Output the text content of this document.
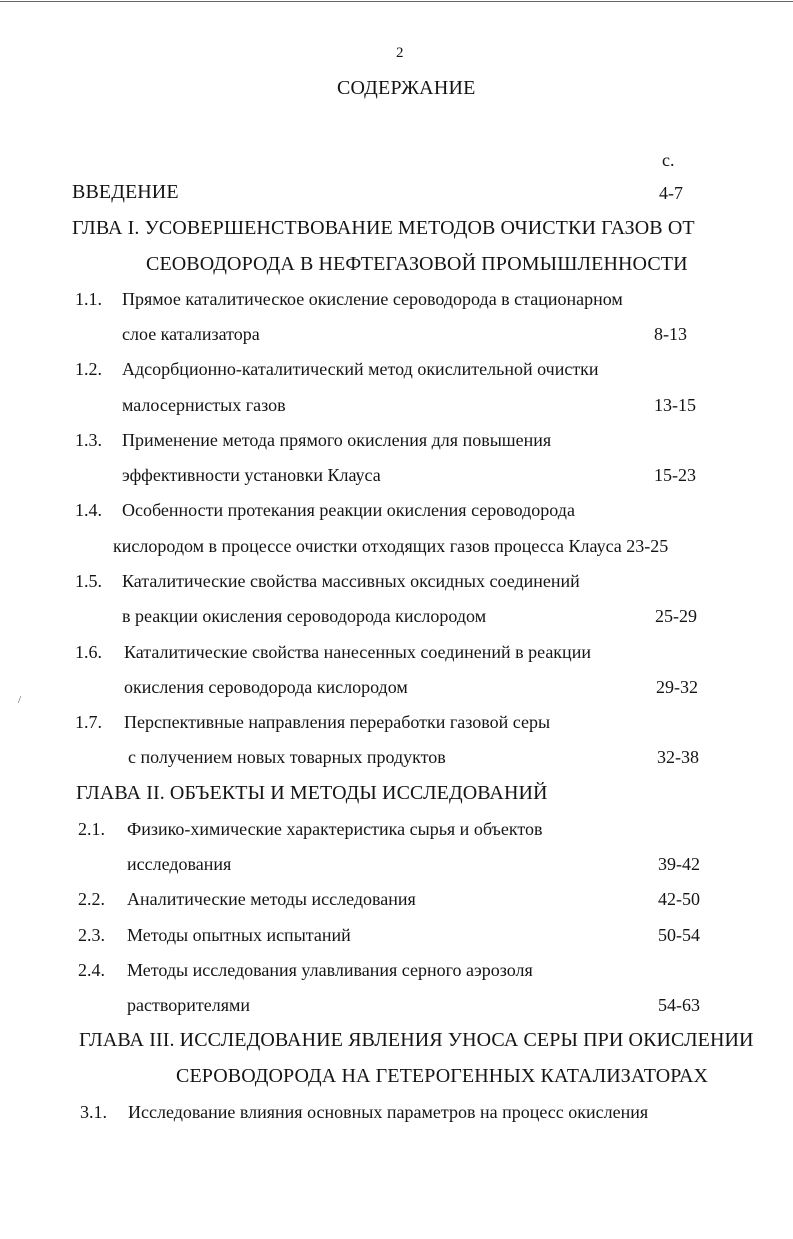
/
2
СОДЕРЖАНИЕ
с.
ВВЕДЕНИЕ	4-7
ГЛВА I. УСОВЕРШЕНСТВОВАНИЕ МЕТОДОВ ОЧИСТКИ ГАЗОВ ОТ
СЕОВОДОРОДА В НЕФТЕГАЗОВОЙ ПРОМЫШЛЕННОСТИ
1.1. Прямое каталитическое окисление сероводорода в стационарном
слое катализатора	8-13
1.2. Адсорбционно-каталитический метод окислительной очистки
малосернистых газов	13-15
1.3. Применение метода прямого окисления для повышения
эффективности установки Клауса	15-23
1.4. Особенности протекания реакции окисления сероводорода
кислородом в процессе очистки отходящих газов процесса Клауса 23-25
1.5. Каталитические свойства массивных оксидных соединений
в реакции окисления сероводорода кислородом	25-29
1.6. Каталитические свойства нанесенных соединений в реакции
окисления сероводорода кислородом	29-32
1.7. Перспективные направления переработки газовой серы
с получением новых товарных продуктов	32-38
ГЛАВА II. ОБЪЕКТЫ И МЕТОДЫ ИССЛЕДОВАНИЙ
2.1. Физико-химические характеристика сырья и объектов
исследования	39-42
2.2. Аналитические методы исследования	42-50
2.3. Методы опытных испытаний	50-54
2.4. Методы исследования улавливания серного аэрозоля
растворителями	54-63
ГЛАВА III. ИССЛЕДОВАНИЕ ЯВЛЕНИЯ УНОСА СЕРЫ ПРИ ОКИСЛЕНИИ
СЕРОВОДОРОДА НА ГЕТЕРОГЕННЫХ КАТАЛИЗАТОРАХ
3.1. Исследование влияния основных параметров на процесс окисления
